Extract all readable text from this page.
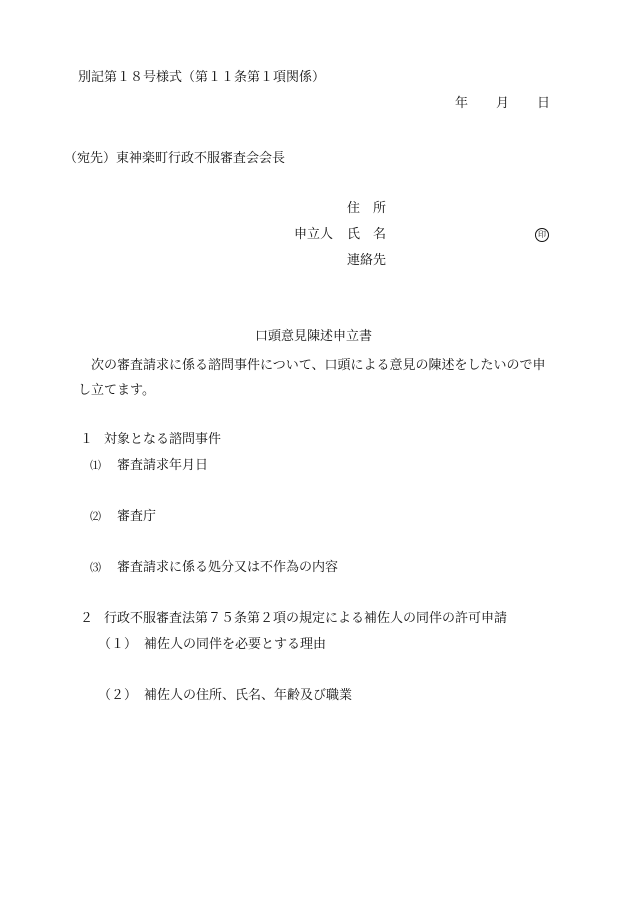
別記第１８号様式（第１１条第１項関係）
年 月 日
（宛先）東神楽町行政不服審査会会長
住　所
申立人 氏　名	印
連絡先
口頭意見陳述申立書
次の審査請求に係る諮問事件について、口頭による意見の陳述をしたいので申し立てます。
１ 対象となる諮問事件
⑴ 審査請求年月日
⑵ 審査庁
⑶ 審査請求に係る処分又は不作為の内容
２ 行政不服審査法第７５条第２項の規定による補佐人の同伴の許可申請
（１） 補佐人の同伴を必要とする理由
（２） 補佐人の住所、氏名、年齢及び職業
